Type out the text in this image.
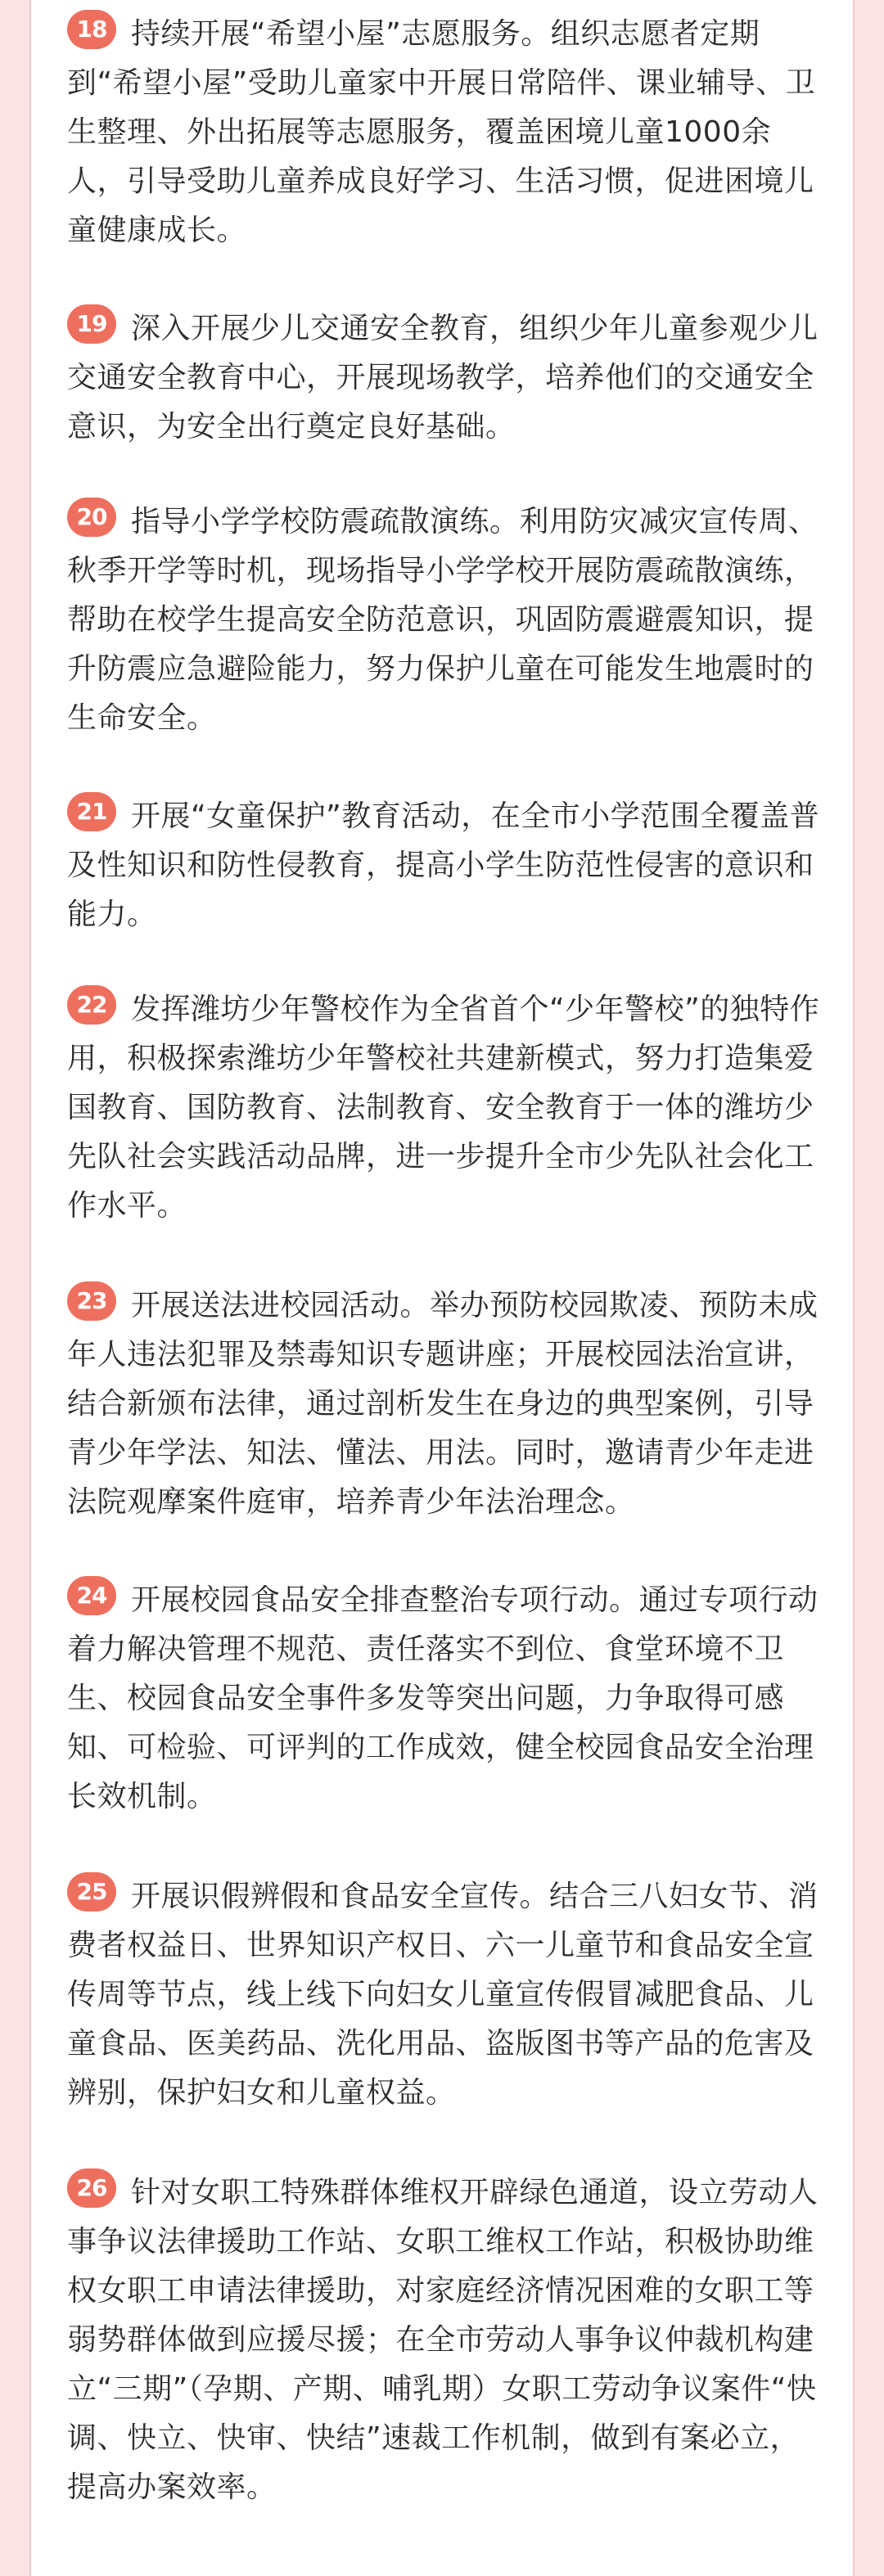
18 持续开展“希望小屋”志愿服务。组织志愿者定期到“希望小屋”受助儿童家中开展日常陪伴、课业辅导、卫生整理、外出拓展等志愿服务，覆盖困境儿童1000余人，引导受助儿童养成良好学习、生活习惯，促进困境儿童健康成长。
19 深入开展少儿交通安全教育，组织少年儿童参观少儿交通安全教育中心，开展现场教学，培养他们的交通安全意识，为安全出行奠定良好基础。
20 指导小学学校防震疏散演练。利用防灾减灾宣传周、秋季开学等时机，现场指导小学学校开展防震疏散演练，帮助在校学生提高安全防范意识，巩固防震避震知识，提升防震应急避险能力，努力保护儿童在可能发生地震时的生命安全。
21 开展“女童保护”教育活动，在全市小学范围全覆盖普及性知识和防性侵教育，提高小学生防范性侵害的意识和能力。
22 发挥潍坊少年警校作为全省首个“少年警校”的独特作用，积极探索潍坊少年警校社共建新模式，努力打造集爱国教育、国防教育、法制教育、安全教育于一体的潍坊少先队社会实践活动品牌，进一步提升全市少先队社会化工作水平。
23 开展送法进校园活动。举办预防校园欺凌、预防未成年人违法犯罪及禁毒知识专题讲座；开展校园法治宣讲，结合新颁布法律，通过剖析发生在身边的典型案例，引导青少年学法、知法、懂法、用法。同时，邀请青少年走进法院观摩案件庭审，培养青少年法治理念。
24 开展校园食品安全排查整治专项行动。通过专项行动着力解决管理不规范、责任落实不到位、食堂环境不卫生、校园食品安全事件多发等突出问题，力争取得可感知、可检验、可评判的工作成效，健全校园食品安全治理长效机制。
25 开展识假辨假和食品安全宣传。结合三八妇女节、消费者权益日、世界知识产权日、六一儿童节和食品安全宣传周等节点，线上线下向妇女儿童宣传假冒减肥食品、儿童食品、医美药品、洗化用品、盗版图书等产品的危害及辨别，保护妇女和儿童权益。
26 针对女职工特殊群体维权开辟绿色通道，设立劳动人事争议法律援助工作站、女职工维权工作站，积极协助维权女职工申请法律援助，对家庭经济情况困难的女职工等弱势群体做到应援尽援；在全市劳动人事争议仲裁机构建立“三期”（孕期、产期、哺乳期）女职工劳动争议案件“快调、快立、快审、快结”速裁工作机制，做到有案必立，提高办案效率。
